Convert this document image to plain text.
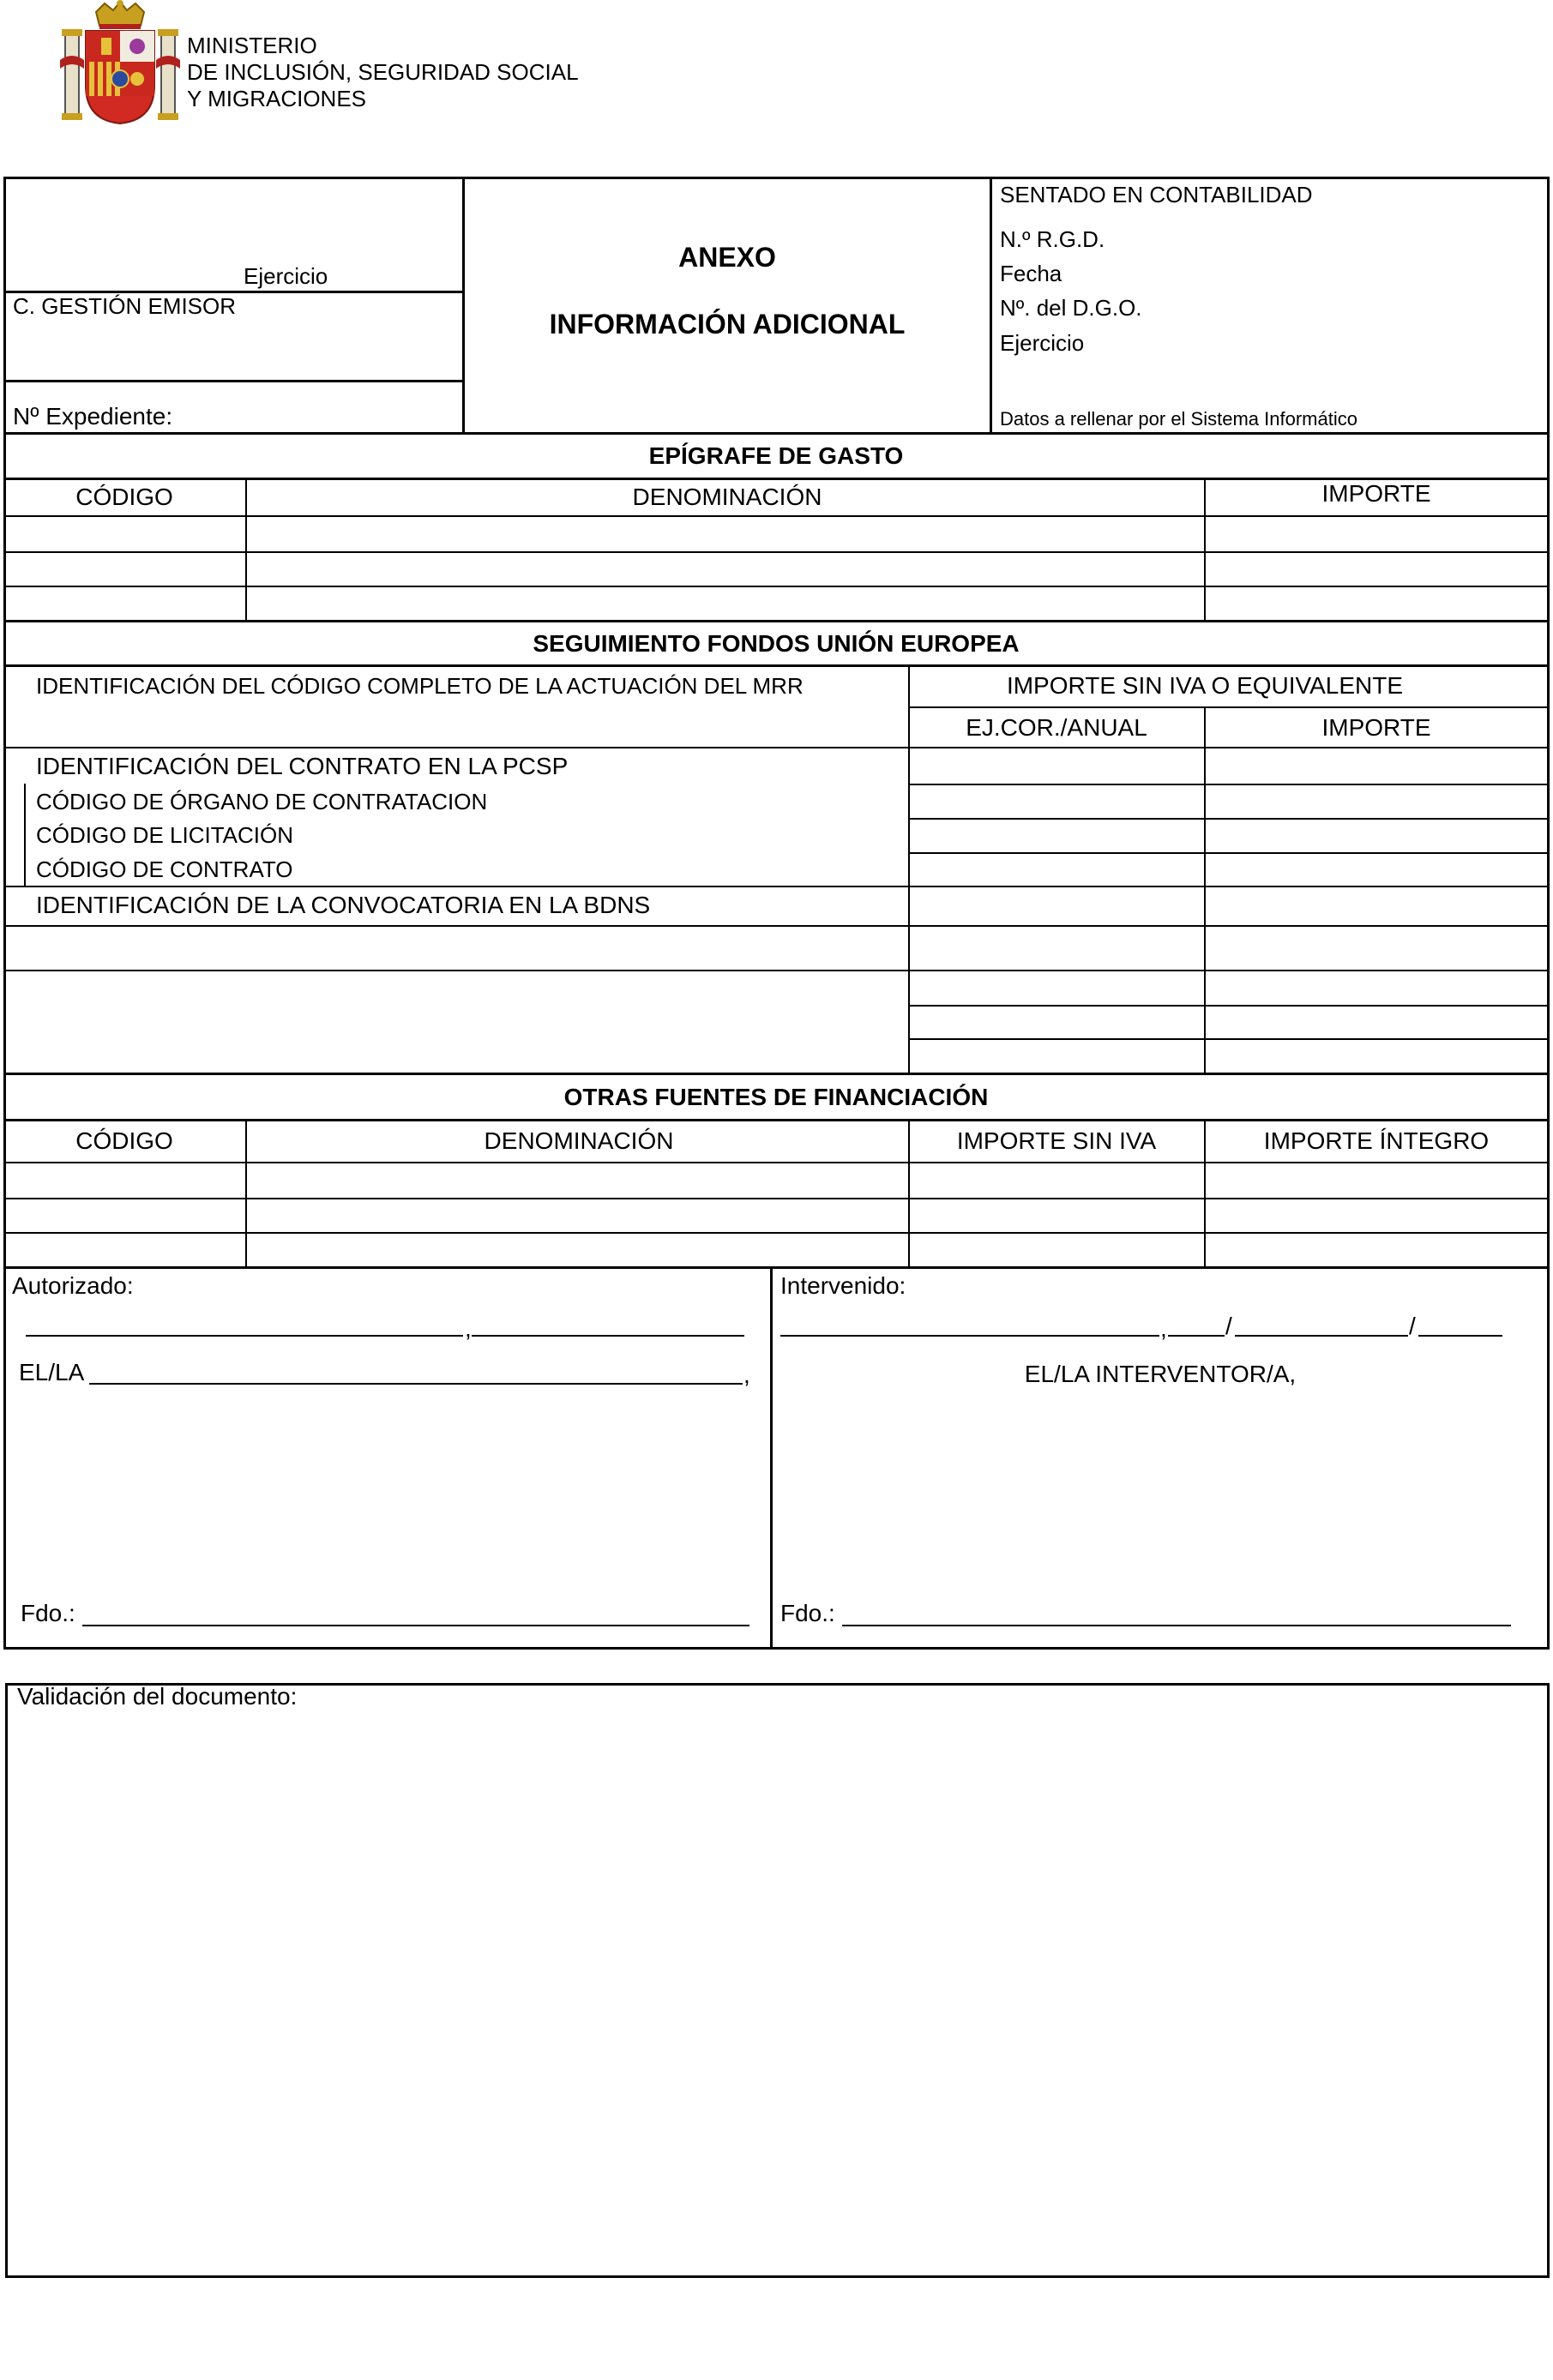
MINISTERIO
DE INCLUSIÓN, SEGURIDAD SOCIAL
Y MIGRACIONES
Ejercicio
C. GESTIÓN EMISOR
Nº Expediente:
ANEXO
INFORMACIÓN ADICIONAL
SENTADO EN CONTABILIDAD
N.º R.G.D.
Fecha
Nº. del D.G.O.
Ejercicio
Datos a rellenar por el Sistema Informático
EPÍGRAFE DE GASTO
CÓDIGO	DENOMINACIÓN	IMPORTE
SEGUIMIENTO FONDOS UNIÓN EUROPEA
IDENTIFICACIÓN DEL CÓDIGO COMPLETO DE LA ACTUACIÓN DEL MRR	IMPORTE SIN IVA O EQUIVALENTE
EJ.COR./ANUAL	IMPORTE
IDENTIFICACIÓN DEL CONTRATO EN LA PCSP
CÓDIGO DE ÓRGANO DE CONTRATACION
CÓDIGO DE LICITACIÓN
CÓDIGO DE CONTRATO
IDENTIFICACIÓN DE LA CONVOCATORIA EN LA BDNS
OTRAS FUENTES DE FINANCIACIÓN
CÓDIGO	DENOMINACIÓN	IMPORTE SIN IVA	IMPORTE ÍNTEGRO
Autorizado:
,
EL/LA	,
Fdo.:
Intervenido:
, /	/
EL/LA INTERVENTOR/A,
Fdo.:
Validación del documento:
